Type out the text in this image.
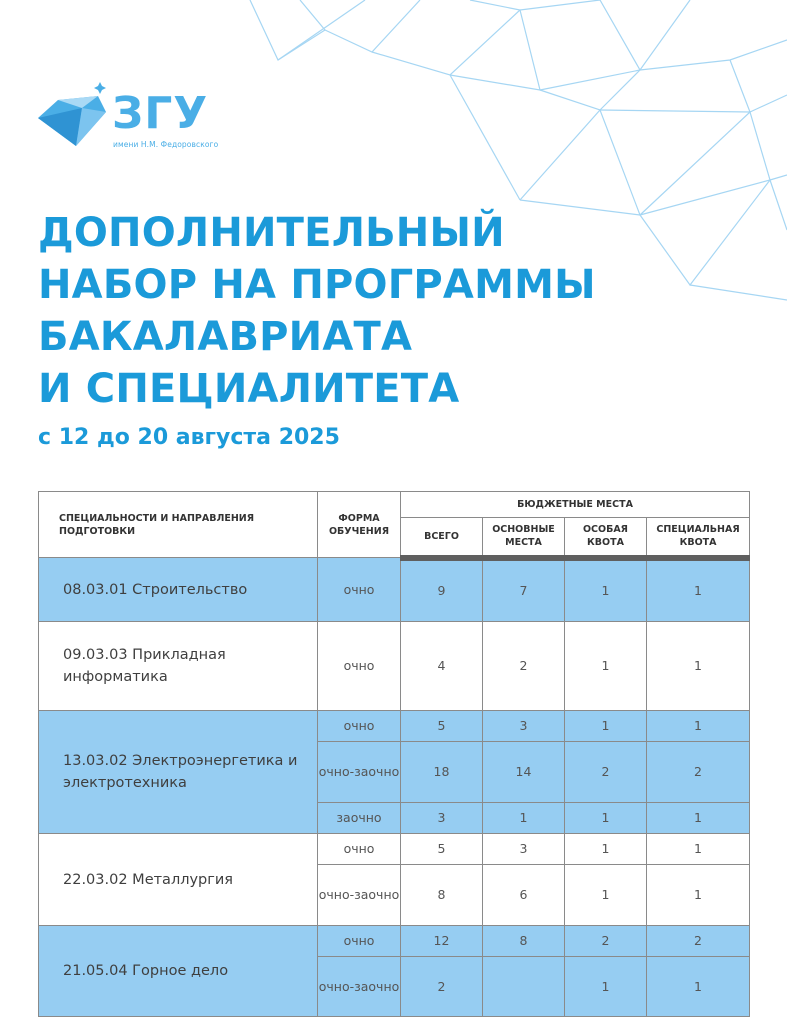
ЗГУ
имени Н.М. Федоровского
ДОПОЛНИТЕЛЬНЫЙ
НАБОР НА ПРОГРАММЫ
БАКАЛАВРИАТА
И СПЕЦИАЛИТЕТА
с 12 до 20 августа 2025
СПЕЦИАЛЬНОСТИ И НАПРАВЛЕНИЯ ПОДГОТОВКИ	ФОРМА ОБУЧЕНИЯ	БЮДЖЕТНЫЕ МЕСТА			
		ВСЕГО	ОСНОВНЫЕ МЕСТА	ОСОБАЯ КВОТА	СПЕЦИАЛЬНАЯ КВОТА
08.03.01 Строительство	очно	9	7	1	1
09.03.03 Прикладная информатика	очно	4	2	1	1
13.03.02 Электроэнергетика и электротехника	очно	5	3	1	1
	очно-заочно	18	14	2	2
	заочно	3	1	1	1
22.03.02 Металлургия	очно	5	3	1	1
	очно-заочно	8	6	1	1
21.05.04 Горное дело	очно	12	8	2	2
	очно-заочно	2		1	1
